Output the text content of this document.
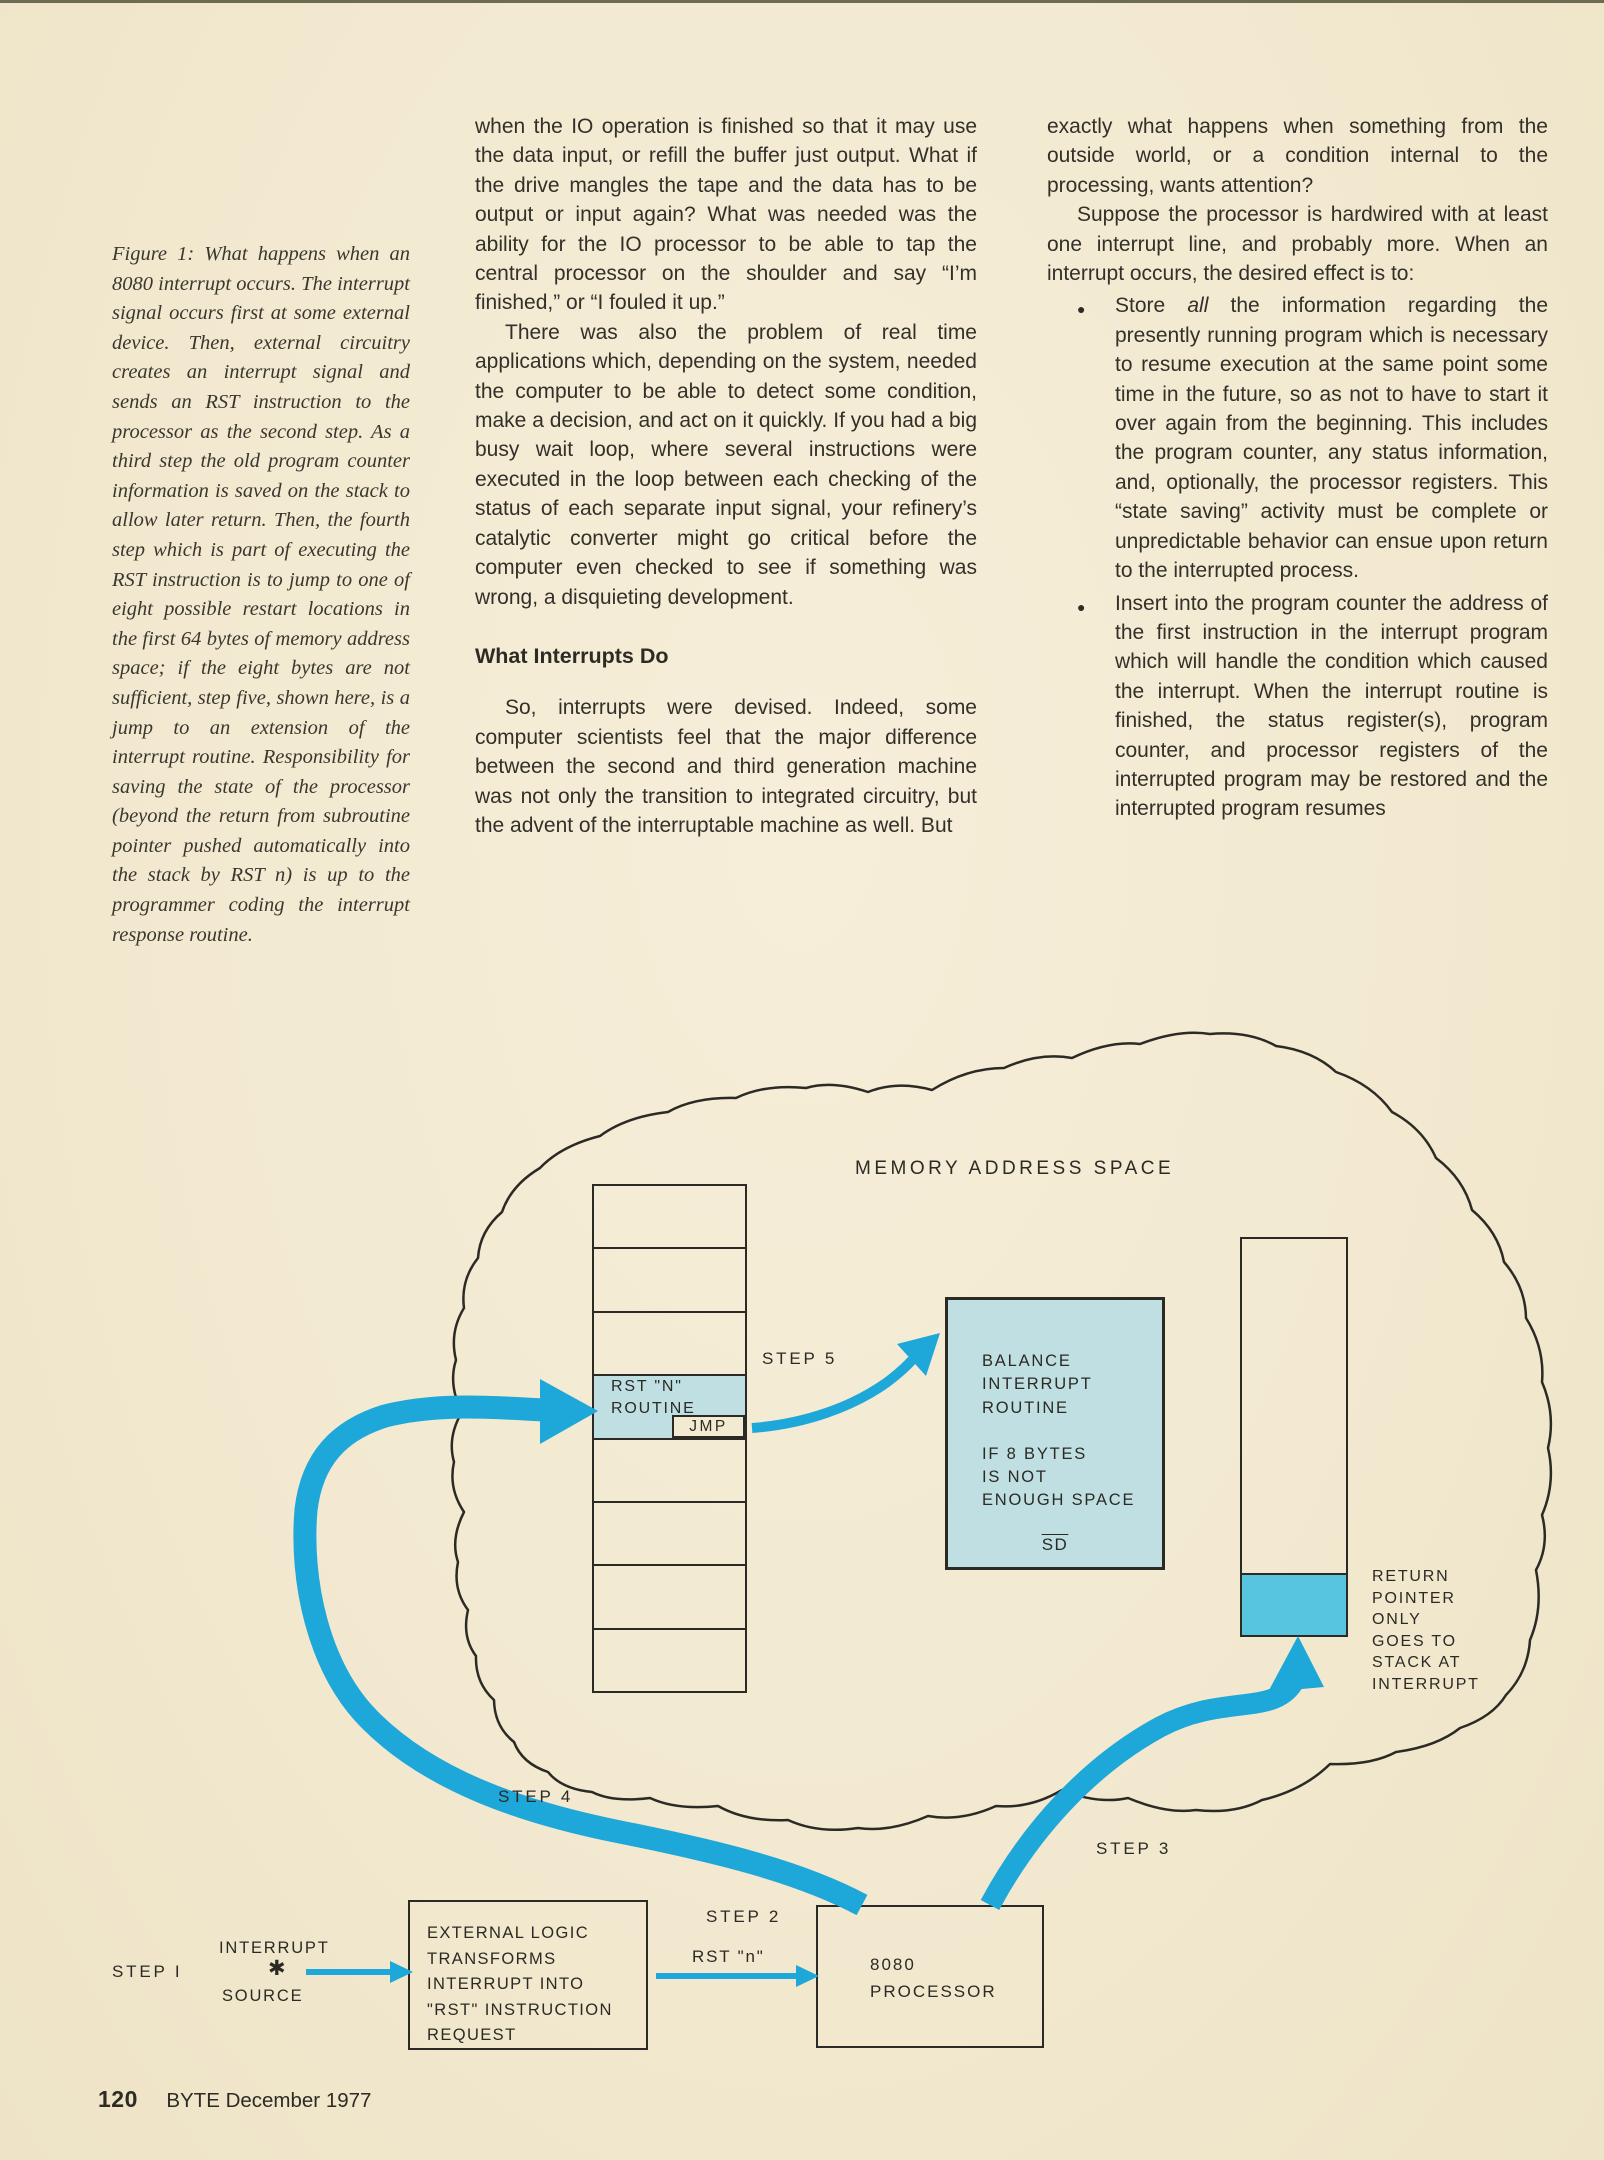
Figure 1: What happens when an 8080 interrupt occurs. The interrupt signal occurs first at some external device. Then, external circuitry creates an interrupt signal and sends an RST instruction to the processor as the second step. As a third step the old program counter information is saved on the stack to allow later return. Then, the fourth step which is part of executing the RST instruction is to jump to one of eight possible restart locations in the first 64 bytes of memory address space; if the eight bytes are not sufficient, step five, shown here, is a jump to an extension of the interrupt routine. Responsibility for saving the state of the processor (beyond the return from subroutine pointer pushed automatically into the stack by RST n) is up to the programmer coding the interrupt response routine.

when the IO operation is finished so that it may use the data input, or refill the buffer just output. What if the drive mangles the tape and the data has to be output or input again? What was needed was the ability for the IO processor to be able to tap the central processor on the shoulder and say “I’m finished,” or “I fouled it up.”

There was also the problem of real time applications which, depending on the system, needed the computer to be able to detect some condition, make a decision, and act on it quickly. If you had a big busy wait loop, where several instructions were executed in the loop between each checking of the status of each separate input signal, your refinery’s catalytic converter might go critical before the computer even checked to see if something was wrong, a disquieting development.

What Interrupts Do

So, interrupts were devised. Indeed, some computer scientists feel that the major difference between the second and third generation machine was not only the transition to integrated circuitry, but the advent of the interruptable machine as well. But

exactly what happens when something from the outside world, or a condition internal to the processing, wants attention?

Suppose the processor is hardwired with at least one interrupt line, and probably more. When an interrupt occurs, the desired effect is to:

●	Store all the information regarding the presently running program which is necessary to resume execution at the same point some time in the future, so as not to have to start it over again from the beginning. This includes the program counter, any status information, and, optionally, the processor registers. This “state saving” activity must be complete or unpredictable behavior can ensue upon return to the interrupted process.

●	Insert into the program counter the address of the first instruction in the interrupt program which will handle the condition which caused the interrupt. When the interrupt routine is finished, the status register(s), program counter, and processor registers of the interrupted program may be restored and the interrupted program resumes

RST "N"
ROUTINE
JMP
BALANCE
INTERRUPT
ROUTINE
IF 8 BYTES
IS NOT
ENOUGH SPACE
$\overline{SD}$
RETURN
POINTER
ONLY
GOES TO
STACK AT
INTERRUPT
EXTERNAL LOGIC
TRANSFORMS
INTERRUPT INTO
"RST" INSTRUCTION
REQUEST
8080
PROCESSOR
MEMORY ADDRESS SPACE
STEP 5
STEP 4
STEP 3
STEP 2
RST "n"
STEP I
INTERRUPT
✱
SOURCE
120 BYTE December 1977
